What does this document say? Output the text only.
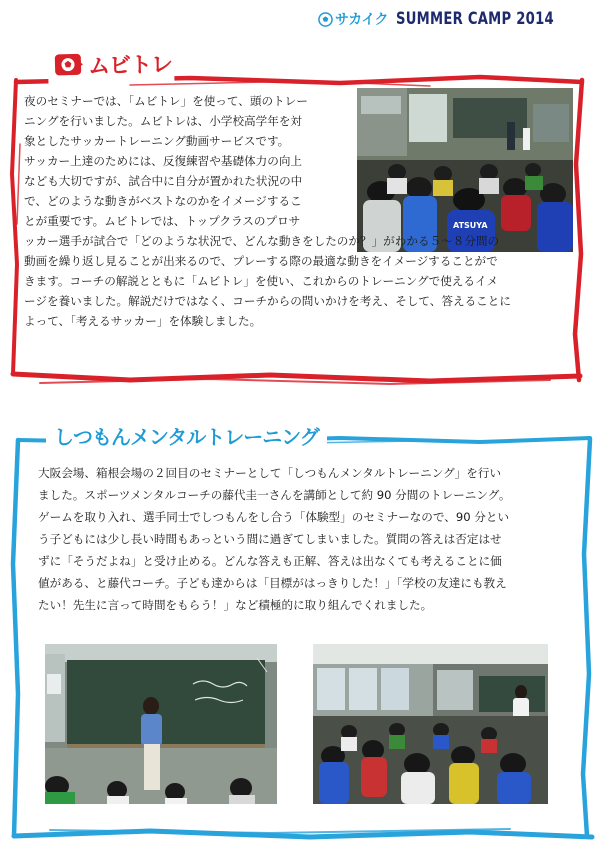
サカイク SUMMER CAMP 2014
ムビトレ
ATSUYA
夜のセミナーでは、「ムビトレ」を使って、頭のトレー
ニングを行いました。ムビトレは、小学校高学年を対
象としたサッカートレーニング動画サービスです。
サッカー上達のためには、反復練習や基礎体力の向上
なども大切ですが、試合中に自分が置かれた状況の中
で、どのような動きがベストなのかをイメージするこ
とが重要です。ムビトレでは、トップクラスのプロサ
ッカー選手が試合で「どのような状況で、どんな動きをしたのか？」がわかる５～８分間の
動画を繰り返し見ることが出来るので、プレーする際の最適な動きをイメージすることがで
きます。コーチの解説とともに「ムビトレ」を使い、これからのトレーニングで使えるイメ
ージを養いました。解説だけではなく、コーチからの問いかけを考え、そして、答えることに
よって、「考えるサッカー」を体験しました。
しつもんメンタルトレーニング
大阪会場、箱根会場の２回目のセミナーとして「しつもんメンタルトレーニング」を行い
ました。スポーツメンタルコーチの藤代圭一さんを講師として約 90 分間のトレーニング。
ゲームを取り入れ、選手同士でしつもんをし合う「体験型」のセミナーなので、90 分とい
う子どもには少し長い時間もあっという間に過ぎてしまいました。質問の答えは否定はせ
ずに「そうだよね」と受け止める。どんな答えも正解、答えは出なくても考えることに価
値がある、と藤代コーチ。子ども達からは「目標がはっきりした！」「学校の友達にも教え
たい！先生に言って時間をもらう！」など積極的に取り組んでくれました。
